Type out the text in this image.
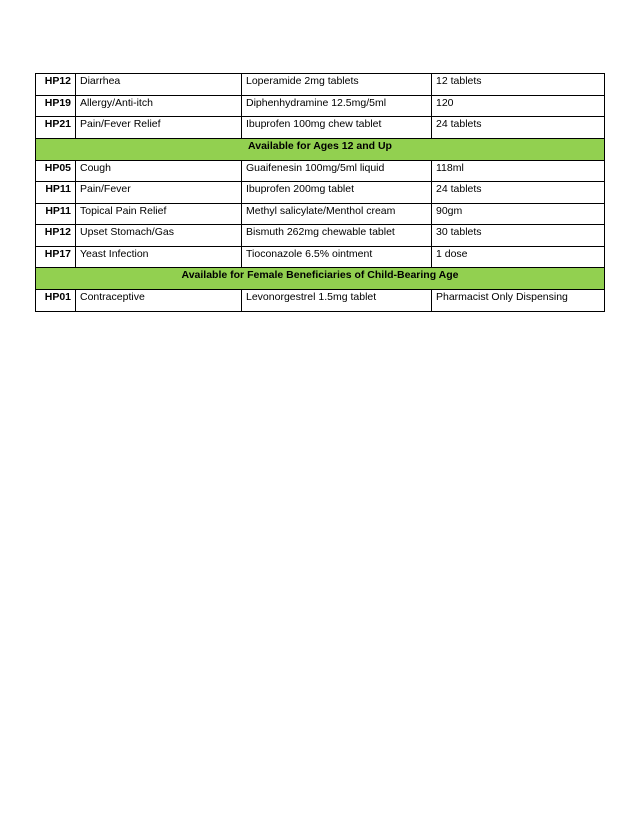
HP12	Diarrhea	Loperamide 2mg tablets	12 tablets
HP19	Allergy/Anti-itch	Diphenhydramine 12.5mg/5ml	120
HP21	Pain/Fever Relief	Ibuprofen 100mg chew tablet	24 tablets
Available for Ages 12 and Up			
HP05	Cough	Guaifenesin 100mg/5ml liquid	118ml
HP11	Pain/Fever	Ibuprofen 200mg tablet	24 tablets
HP11	Topical Pain Relief	Methyl salicylate/Menthol cream	90gm
HP12	Upset Stomach/Gas	Bismuth 262mg chewable tablet	30 tablets
HP17	Yeast Infection	Tioconazole 6.5% ointment	1 dose
Available for Female Beneficiaries of Child-Bearing Age			
HP01	Contraceptive	Levonorgestrel 1.5mg tablet	Pharmacist Only Dispensing
